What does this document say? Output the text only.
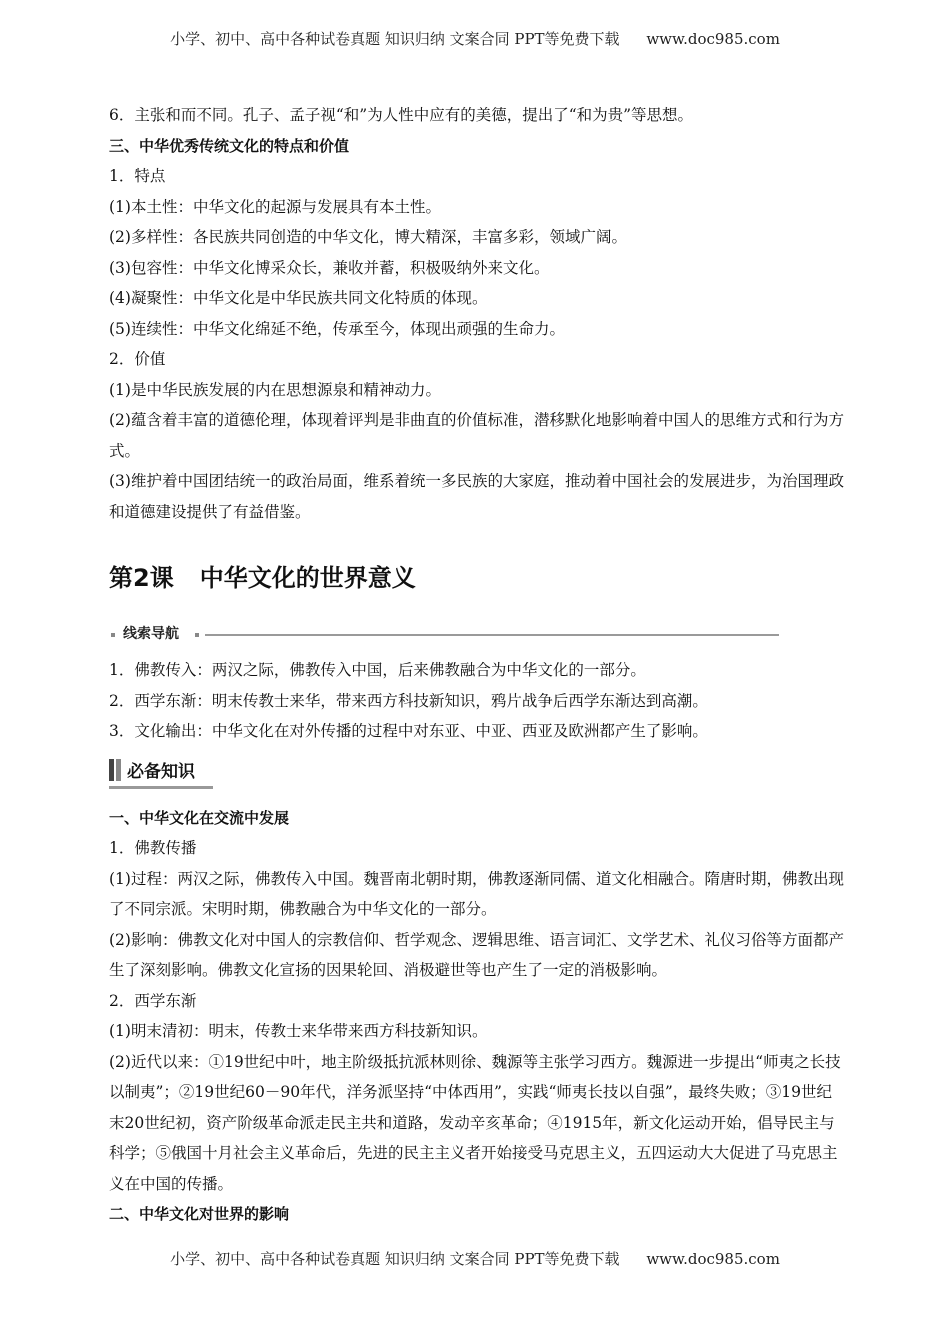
小学、初中、高中各种试卷真题 知识归纳 文案合同 PPT等免费下载 www.doc985.com
6．主张和而不同。孔子、孟子视“和”为人性中应有的美德，提出了“和为贵”等思想。
三、中华优秀传统文化的特点和价值
1．特点
(1)本土性：中华文化的起源与发展具有本土性。
(2)多样性：各民族共同创造的中华文化，博大精深，丰富多彩，领域广阔。
(3)包容性：中华文化博采众长，兼收并蓄，积极吸纳外来文化。
(4)凝聚性：中华文化是中华民族共同文化特质的体现。
(5)连续性：中华文化绵延不绝，传承至今，体现出顽强的生命力。
2．价值
(1)是中华民族发展的内在思想源泉和精神动力。
(2)蕴含着丰富的道德伦理，体现着评判是非曲直的价值标准，潜移默化地影响着中国人的思维方式和行为方式。
(3)维护着中国团结统一的政治局面，维系着统一多民族的大家庭，推动着中国社会的发展进步，为治国理政和道德建设提供了有益借鉴。
第2课 中华文化的世界意义
线索导航
1．佛教传入：两汉之际，佛教传入中国，后来佛教融合为中华文化的一部分。
2．西学东渐：明末传教士来华，带来西方科技新知识，鸦片战争后西学东渐达到高潮。
3．文化输出：中华文化在对外传播的过程中对东亚、中亚、西亚及欧洲都产生了影响。
必备知识
一、中华文化在交流中发展
1．佛教传播
(1)过程：两汉之际，佛教传入中国。魏晋南北朝时期，佛教逐渐同儒、道文化相融合。隋唐时期，佛教出现了不同宗派。宋明时期，佛教融合为中华文化的一部分。
(2)影响：佛教文化对中国人的宗教信仰、哲学观念、逻辑思维、语言词汇、文学艺术、礼仪习俗等方面都产生了深刻影响。佛教文化宣扬的因果轮回、消极避世等也产生了一定的消极影响。
2．西学东渐
(1)明末清初：明末，传教士来华带来西方科技新知识。
(2)近代以来：①19世纪中叶，地主阶级抵抗派林则徐、魏源等主张学习西方。魏源进一步提出“师夷之长技以制夷”；②19世纪60－90年代，洋务派坚持“中体西用”，实践“师夷长技以自强”，最终失败；③19世纪末20世纪初，资产阶级革命派走民主共和道路，发动辛亥革命；④1915年，新文化运动开始，倡导民主与科学；⑤俄国十月社会主义革命后，先进的民主主义者开始接受马克思主义，五四运动大大促进了马克思主义在中国的传播。
二、中华文化对世界的影响
小学、初中、高中各种试卷真题 知识归纳 文案合同 PPT等免费下载 www.doc985.com
